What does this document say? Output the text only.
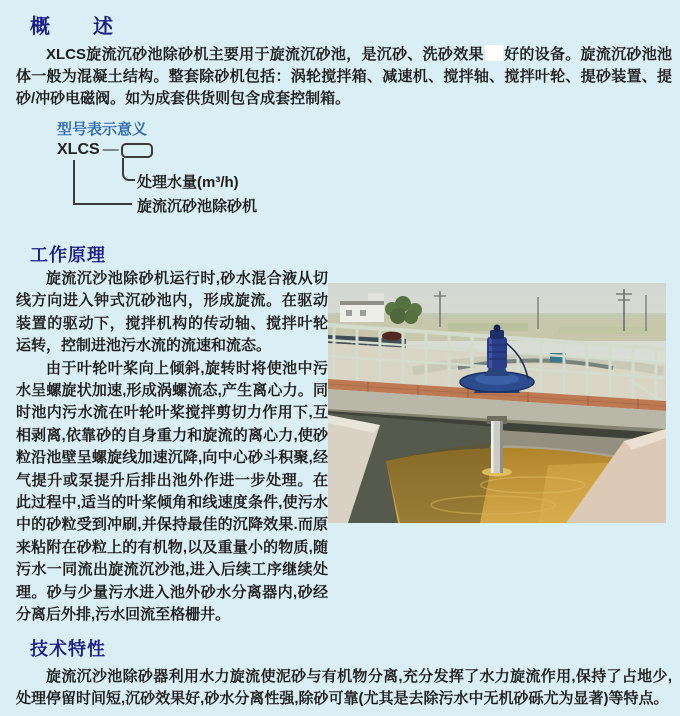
概　　述

XLCS旋流沉砂池除砂机主要用于旋流沉砂池，是沉砂、洗砂效果 好的设备。旋流沉砂池池体一般为混凝土结构。整套除砂机包括：涡轮搅拌箱、减速机、搅拌轴、搅拌叶轮、提砂装置、提砂/冲砂电磁阀。如为成套供货则包含成套控制箱。

型号表示意义
XLCS —
处理水量(m³/h)
旋流沉砂池除砂机
工作原理

旋流沉沙池除砂机运行时,砂水混合液从切线方向进入钟式沉砂池内，形成旋流。在驱动装置的驱动下，搅拌机构的传动轴、搅拌叶轮运转，控制进池污水流的流速和流态。

由于叶轮叶桨向上倾斜,旋转时将使池中污水呈螺旋状加速,形成涡螺流态,产生离心力。同时池内污水流在叶轮叶桨搅拌剪切力作用下,互相剥离,依靠砂的自身重力和旋流的离心力,使砂粒沿池壁呈螺旋线加速沉降,向中心砂斗积聚,经气提升或泵提升后排出池外作进一步处理。在此过程中,适当的叶桨倾角和线速度条件,使污水中的砂粒受到冲刷,并保持最佳的沉降效果.而原来粘附在砂粒上的有机物,以及重量小的物质,随污水一同流出旋流沉沙池,进入后续工序继续处理。砂与少量污水进入池外砂水分离器内,砂经分离后外排,污水回流至格栅井。

技术特性

旋流沉沙池除砂器利用水力旋流使泥砂与有机物分离,充分发挥了水力旋流作用,保持了占地少,处理停留时间短,沉砂效果好,砂水分离性强,除砂可靠(尤其是去除污水中无机砂砾尤为显著)等特点。
